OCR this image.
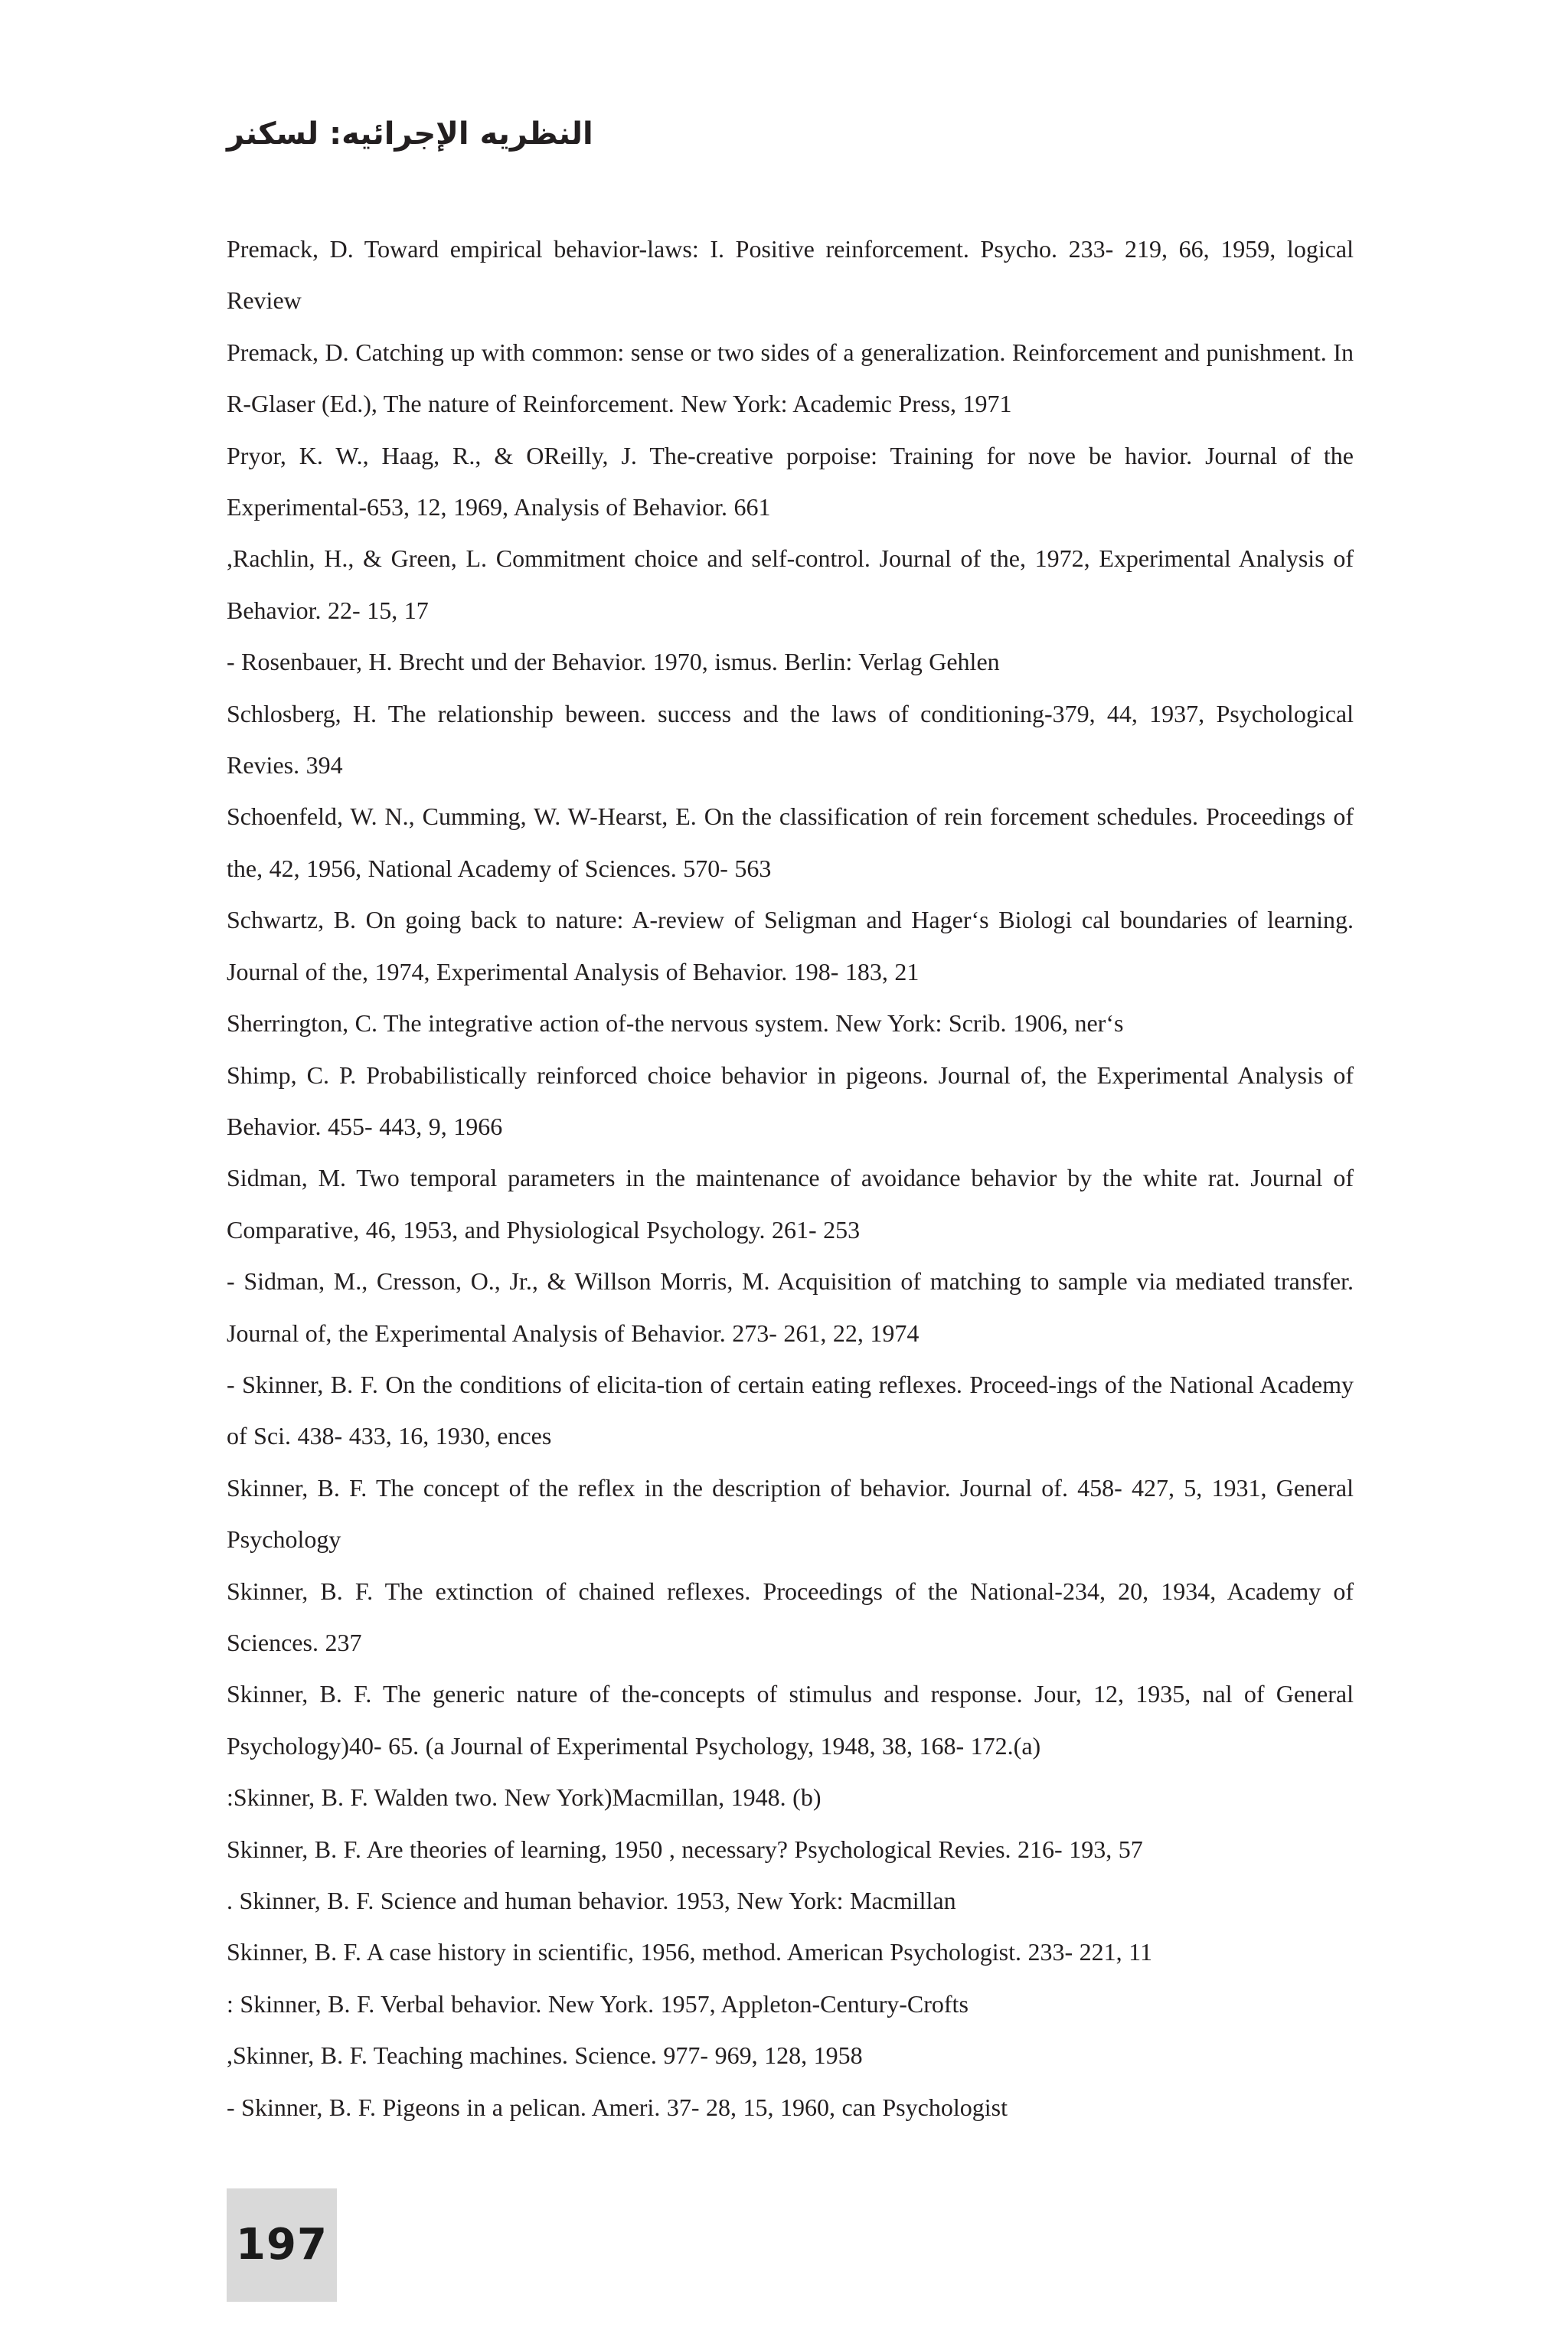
النظريه الإجرائيه: لسكنر
Premack, D. Toward empirical behavior-laws: I. Positive reinforcement. Psycho. 233- 219, 66, 1959, logical Review
Premack, D. Catching up with common: sense or two sides of a generalization. Reinforcement and punishment. In R-Glaser (Ed.), The nature of Reinforcement. New York: Academic Press, 1971
Pryor, K. W., Haag, R., & OReilly, J. The-creative porpoise: Training for nove be havior. Journal of the Experimental-653, 12, 1969, Analysis of Behavior. 661
,Rachlin, H., & Green, L. Commitment choice and self-control. Journal of the, 1972, Experimental Analysis of Behavior. 22- 15, 17
- Rosenbauer, H. Brecht und der Behavior. 1970, ismus. Berlin: Verlag Gehlen
Schlosberg, H. The relationship beween. success and the laws of conditioning-379, 44, 1937, Psychological Revies. 394
Schoenfeld, W. N., Cumming, W. W-Hearst, E. On the classification of rein forcement schedules. Proceedings of the, 42, 1956, National Academy of Sciences. 570- 563
Schwartz, B. On going back to nature: A-review of Seligman and Hager‘s Biologi cal boundaries of learning. Journal of the, 1974, Experimental Analysis of Behavior. 198- 183, 21
Sherrington, C. The integrative action of-the nervous system. New York: Scrib. 1906, ner‘s
Shimp, C. P. Probabilistically reinforced choice behavior in pigeons. Journal of, the Experimental Analysis of Behavior. 455- 443, 9, 1966
Sidman, M. Two temporal parameters in the maintenance of avoidance behavior by the white rat. Journal of Comparative, 46, 1953, and Physiological Psychology. 261- 253
- Sidman, M., Cresson, O., Jr., & Willson Morris, M. Acquisition of matching to sample via mediated transfer. Journal of, the Experimental Analysis of Behavior. 273- 261, 22, 1974
- Skinner, B. F. On the conditions of elicita-tion of certain eating reflexes. Proceed-ings of the National Academy of Sci. 438- 433, 16, 1930, ences
Skinner, B. F. The concept of the reflex in the description of behavior. Journal of. 458- 427, 5, 1931, General Psychology
Skinner, B. F. The extinction of chained reflexes. Proceedings of the National-234, 20, 1934, Academy of Sciences. 237
Skinner, B. F. The generic nature of the-concepts of stimulus and response. Jour, 12, 1935, nal of General Psychology)40- 65. (a Journal of Experimental Psychology, 1948, 38, 168- 172.(a)
:Skinner, B. F. Walden two. New York)Macmillan, 1948. (b)
Skinner, B. F. Are theories of learning, 1950 , necessary? Psychological Revies. 216- 193, 57
. Skinner, B. F. Science and human behavior. 1953, New York: Macmillan
Skinner, B. F. A case history in scientific, 1956, method. American Psychologist. 233- 221, 11
: Skinner, B. F. Verbal behavior. New York. 1957, Appleton-Century-Crofts
,Skinner, B. F. Teaching machines. Science. 977- 969, 128, 1958
- Skinner, B. F. Pigeons in a pelican. Ameri. 37- 28, 15, 1960, can Psychologist
197
